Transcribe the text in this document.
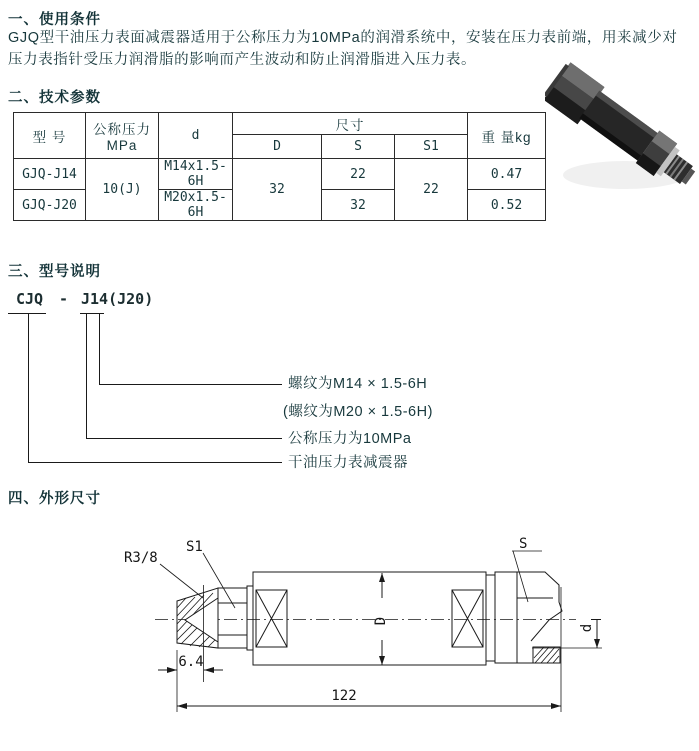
一、使用条件
GJQ型干油压力表面减震器适用于公称压力为10MPa的润滑系统中，安装在压力表前端，用来减少对
压力表指针受压力润滑脂的影响而产生波动和防止润滑脂进入压力表。
二、技术参数
型 号	公称压力MPa	d	尺寸			重 量kg
			D	S	S1	
GJQ-J14	10(J)	M14x1.5-6H	32	22	22	0.47
GJQ-J20		M20x1.5-6H		32		0.52
三、型号说明
CJQ - J14(J20)
螺纹为M14 × 1.5-6H
(螺纹为M20 × 1.5-6H)
公称压力为10MPa
干油压力表减震器
四、外形尺寸
D
d
6.4
122
R3/8
S1	S
